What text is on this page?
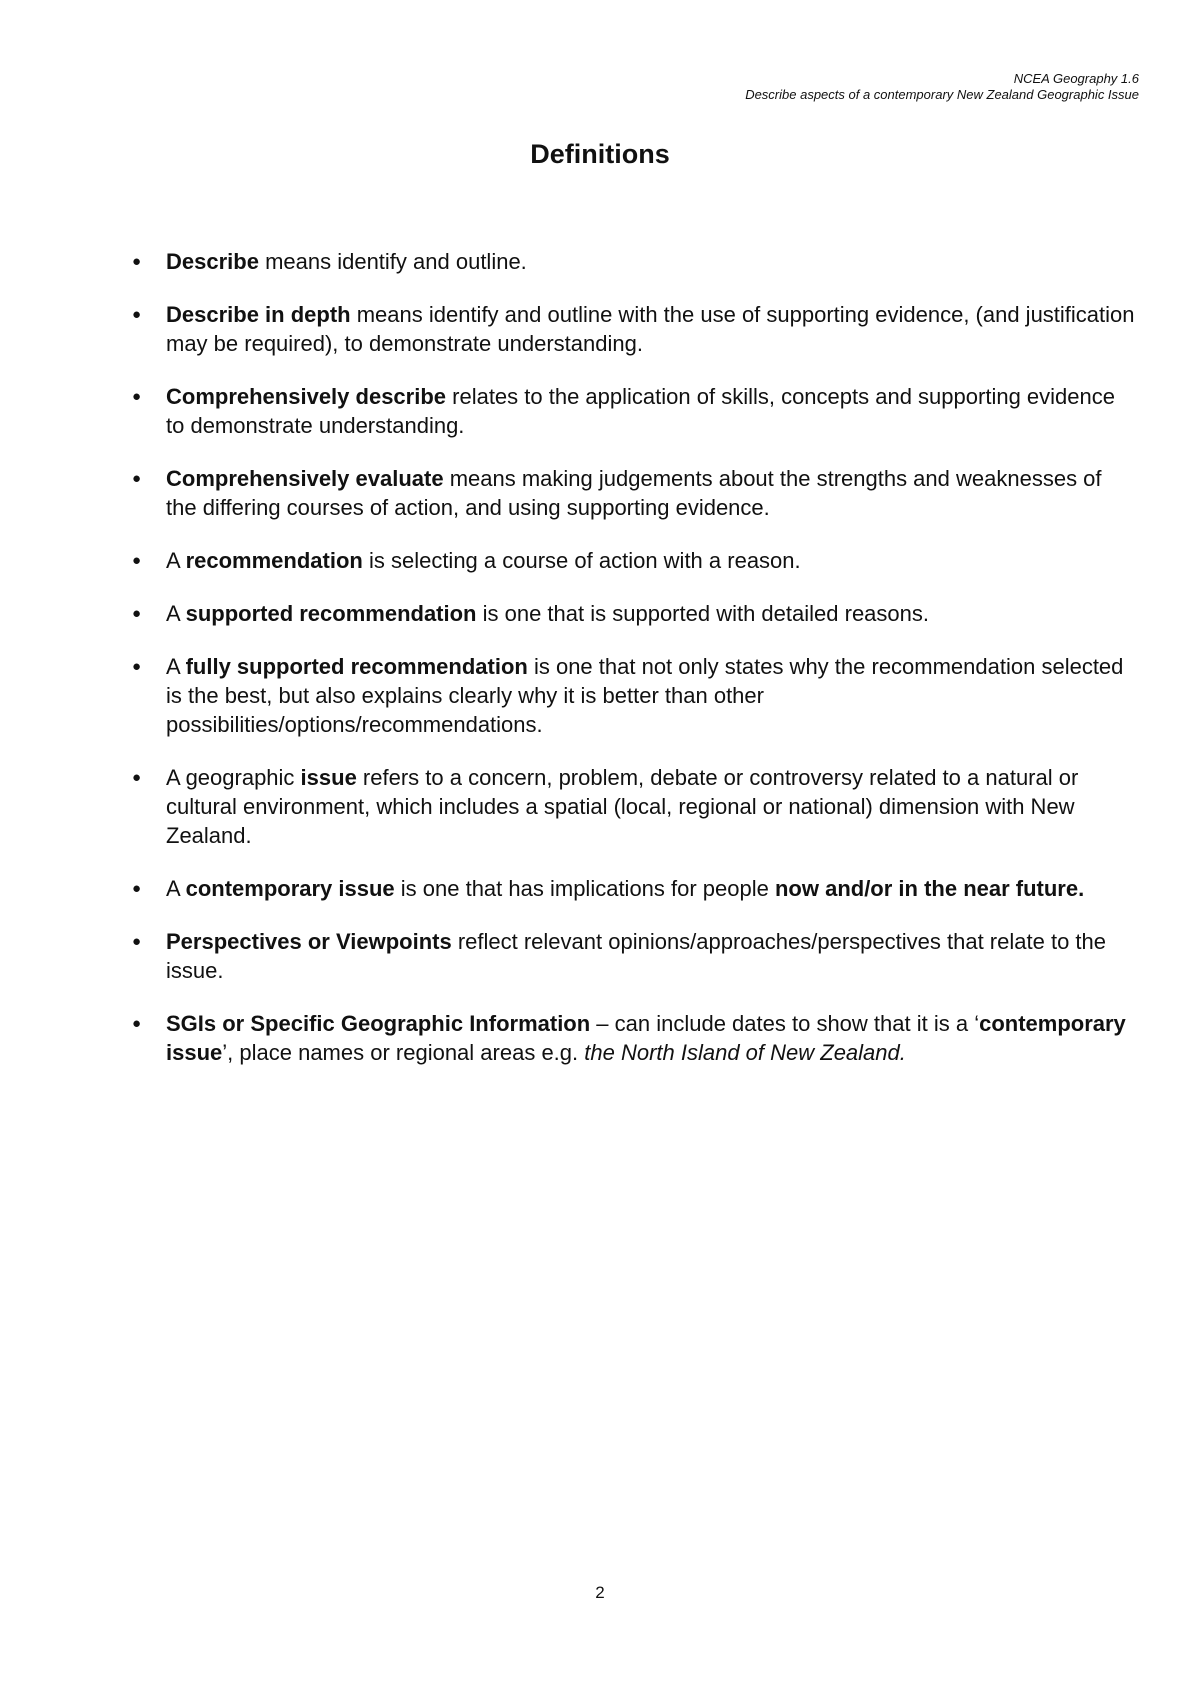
NCEA Geography 1.6
Describe aspects of a contemporary New Zealand Geographic Issue
Definitions
● Describe means identify and outline.
● Describe in depth means identify and outline with the use of supporting evidence, (and justification may be required), to demonstrate understanding.
● Comprehensively describe relates to the application of skills, concepts and supporting evidence to demonstrate understanding.
● Comprehensively evaluate means making judgements about the strengths and weaknesses of the differing courses of action, and using supporting evidence.
● A recommendation is selecting a course of action with a reason.
● A supported recommendation is one that is supported with detailed reasons.
● A fully supported recommendation is one that not only states why the recommendation selected is the best, but also explains clearly why it is better than other possibilities/options/recommendations.
● A geographic issue refers to a concern, problem, debate or controversy related to a natural or cultural environment, which includes a spatial (local, regional or national) dimension with New Zealand.
● A contemporary issue is one that has implications for people now and/or in the near future.
● Perspectives or Viewpoints reflect relevant opinions/approaches/perspectives that relate to the issue.
● SGIs or Specific Geographic Information – can include dates to show that it is a ‘contemporary issue’, place names or regional areas e.g. the North Island of New Zealand.
2
